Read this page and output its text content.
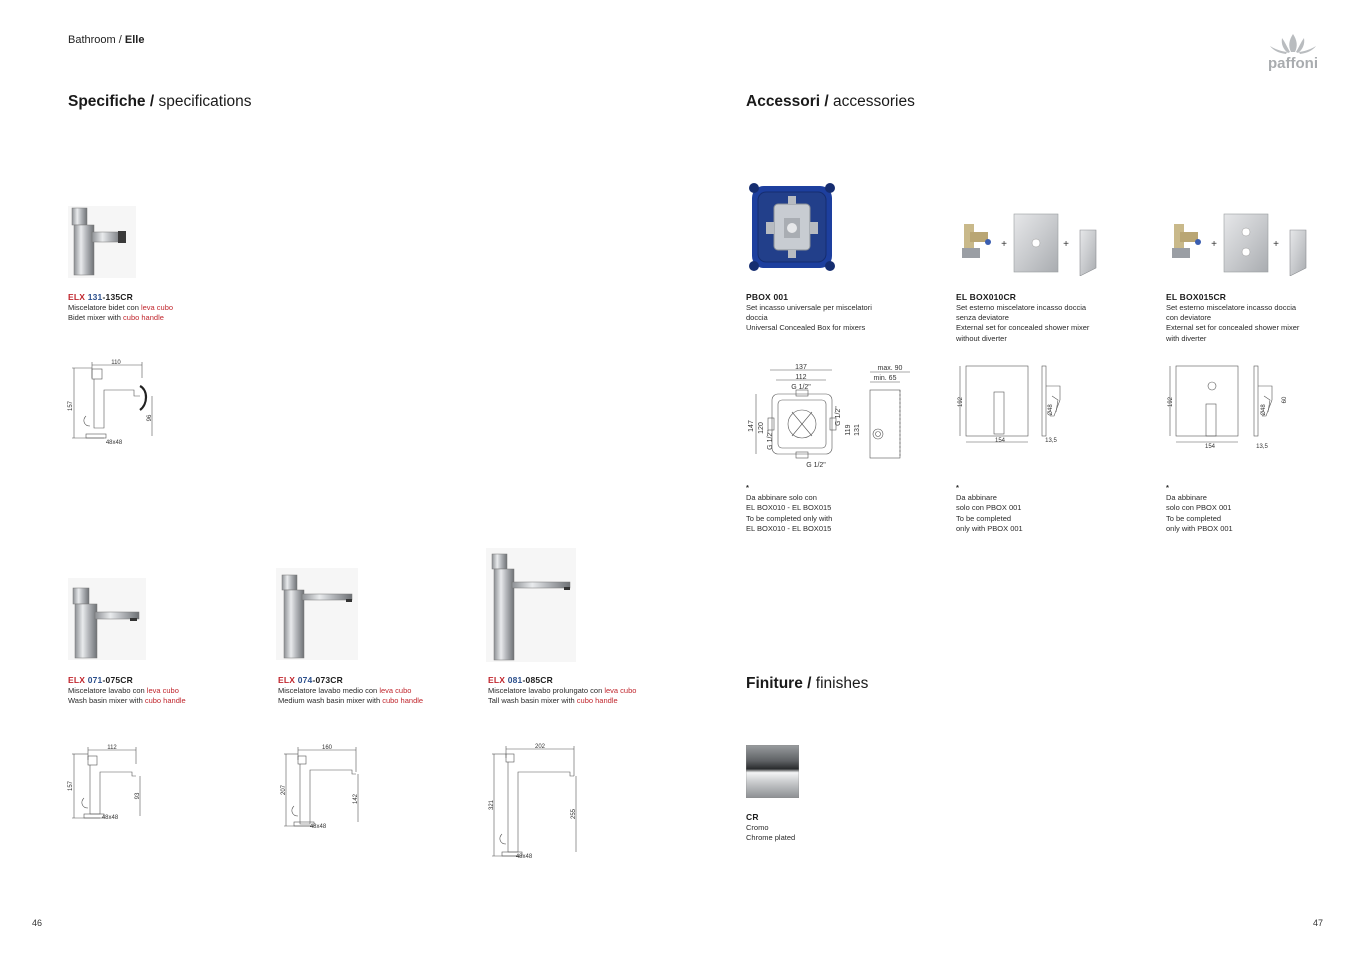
Bathroom / Elle
paffoni
Specifiche / specifications	Accessori / accessories
ELX 131-135CR
Miscelatore bidet con leva cubo
Bidet mixer with cubo handle
110
157
96
48x48
ELX 071-075CR
Miscelatore lavabo con leva cubo
Wash basin mixer with cubo handle
112
157
93
48x48
ELX 074-073CR
Miscelatore lavabo medio con leva cubo
Medium wash basin mixer with cubo handle
160
207
142
48x48
ELX 081-085CR
Miscelatore lavabo prolungato con leva cubo
Tall wash basin mixer with cubo handle
202
321
255
48x48
PBOX 001
Set incasso universale per miscelatori
doccia
Universal Concealed Box for mixers
137
112
G 1/2"
G 1/2"
147 120
G 1/2"
G 1/2"
119 131
max. 90
min. 65
*
Da abbinare solo con
EL BOX010 - EL BOX015
To be completed only with
EL BOX010 - EL BOX015
+	+
EL BOX010CR
Set esterno miscelatore incasso doccia
senza deviatore
External set for concealed shower mixer
without diverter
192
154
Ø48
13,5
*
Da abbinare
solo con PBOX 001
To be completed
only with PBOX 001
+	+
EL BOX015CR
Set esterno miscelatore incasso doccia
con deviatore
External set for concealed shower mixer
with diverter
192
154
Ø48
60
13,5
*
Da abbinare
solo con PBOX 001
To be completed
only with PBOX 001
Finiture / finishes
CR
Cromo
Chrome plated
46	47
